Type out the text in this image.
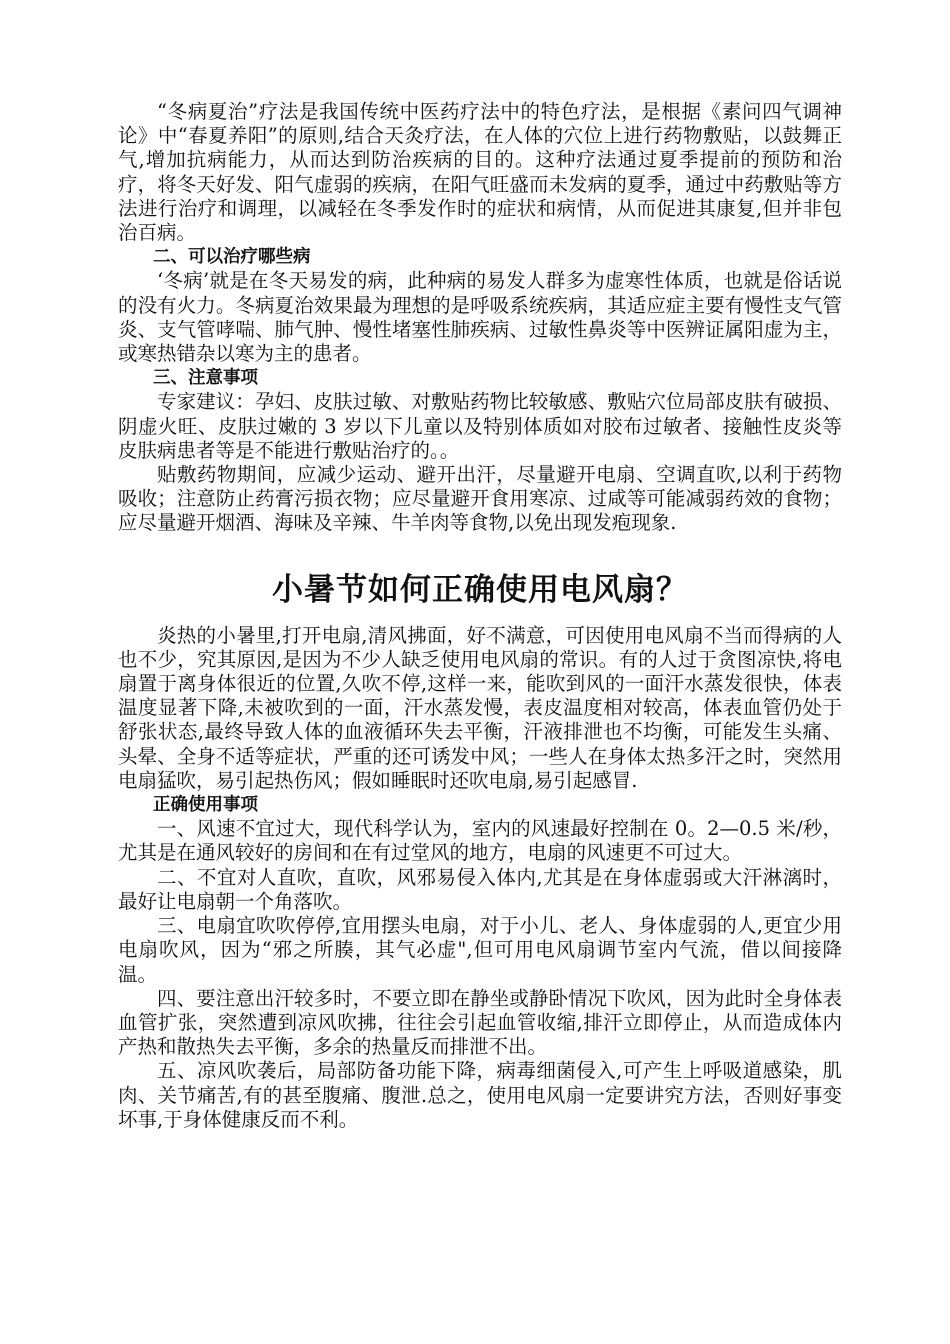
“冬病夏治”疗法是我国传统中医药疗法中的特色疗法，是根据《素问四气调神论》中“春夏养阳”的原则,结合天灸疗法，在人体的穴位上进行药物敷贴，以鼓舞正气,增加抗病能力，从而达到防治疾病的目的。这种疗法通过夏季提前的预防和治疗，将冬天好发、阳气虚弱的疾病，在阳气旺盛而未发病的夏季，通过中药敷贴等方法进行治疗和调理，以减轻在冬季发作时的症状和病情，从而促进其康复,但并非包治百病。

二、可以治疗哪些病

‘冬病’就是在冬天易发的病，此种病的易发人群多为虚寒性体质，也就是俗话说的没有火力。冬病夏治效果最为理想的是呼吸系统疾病，其适应症主要有慢性支气管炎、支气管哮喘、肺气肿、慢性堵塞性肺疾病、过敏性鼻炎等中医辨证属阳虚为主，或寒热错杂以寒为主的患者。

三、注意事项

专家建议：孕妇、皮肤过敏、对敷贴药物比较敏感、敷贴穴位局部皮肤有破损、阴虚火旺、皮肤过嫩的 3 岁以下儿童以及特别体质如对胶布过敏者、接触性皮炎等皮肤病患者等是不能进行敷贴治疗的。。

贴敷药物期间，应减少运动、避开出汗，尽量避开电扇、空调直吹,以利于药物吸收；注意防止药膏污损衣物；应尽量避开食用寒凉、过咸等可能减弱药效的食物；应尽量避开烟酒、海味及辛辣、牛羊肉等食物,以免出现发疱现象.

小暑节如何正确使用电风扇？

炎热的小暑里,打开电扇,清风拂面，好不满意，可因使用电风扇不当而得病的人也不少，究其原因,是因为不少人缺乏使用电风扇的常识。有的人过于贪图凉快,将电扇置于离身体很近的位置,久吹不停,这样一来，能吹到风的一面汗水蒸发很快，体表温度显著下降,未被吹到的一面，汗水蒸发慢，表皮温度相对较高，体表血管仍处于舒张状态,最终导致人体的血液循环失去平衡，汗液排泄也不均衡，可能发生头痛、头晕、全身不适等症状，严重的还可诱发中风；一些人在身体太热多汗之时，突然用电扇猛吹，易引起热伤风；假如睡眠时还吹电扇,易引起感冒.

正确使用事项

一、风速不宜过大，现代科学认为，室内的风速最好控制在 0。2—0.5 米/秒，尤其是在通风较好的房间和在有过堂风的地方，电扇的风速更不可过大。

二、不宜对人直吹，直吹，风邪易侵入体内,尤其是在身体虚弱或大汗淋漓时，最好让电扇朝一个角落吹。

三、电扇宜吹吹停停,宜用摆头电扇，对于小儿、老人、身体虚弱的人,更宜少用电扇吹风，因为“邪之所腠，其气必虚",但可用电风扇调节室内气流，借以间接降温。

四、要注意出汗较多时，不要立即在静坐或静卧情况下吹风，因为此时全身体表血管扩张，突然遭到凉风吹拂，往往会引起血管收缩,排汗立即停止，从而造成体内产热和散热失去平衡，多余的热量反而排泄不出。

五、凉风吹袭后，局部防备功能下降，病毒细菌侵入,可产生上呼吸道感染，肌肉、关节痛苦,有的甚至腹痛、腹泄.总之，使用电风扇一定要讲究方法，否则好事变坏事,于身体健康反而不利。
